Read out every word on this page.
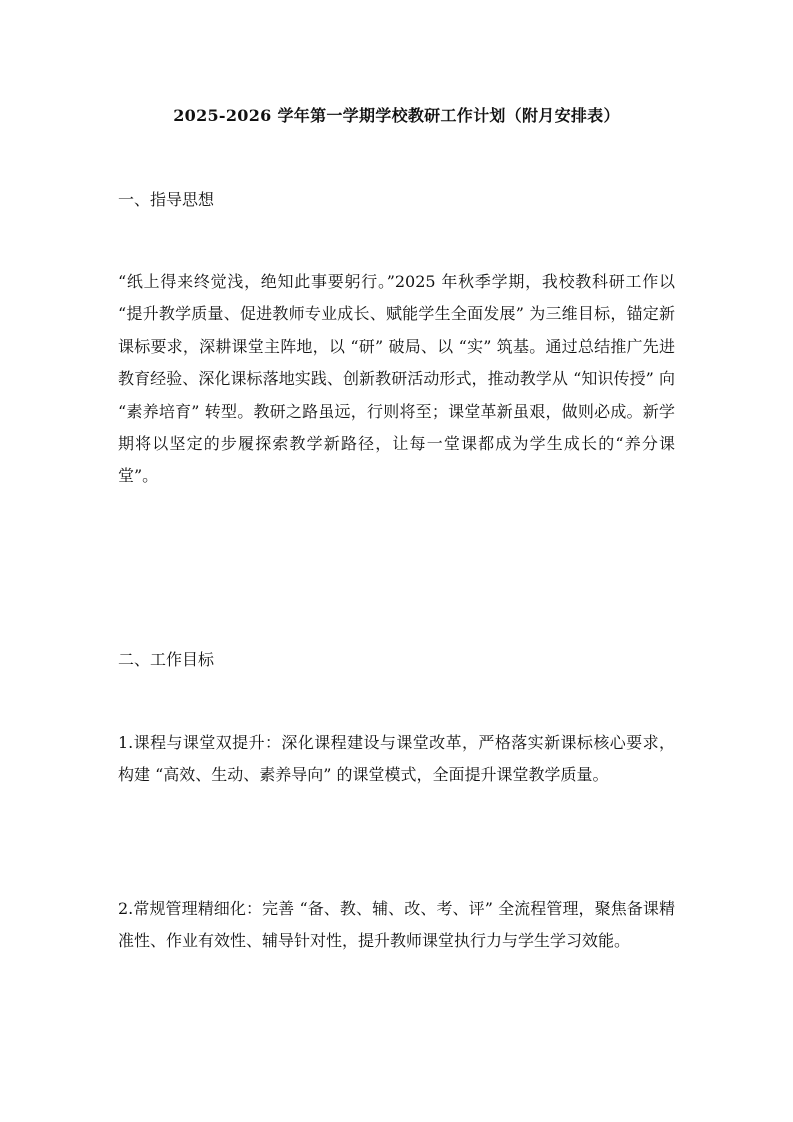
2025-2026 学年第一学期学校教研工作计划（附月安排表）
一、指导思想
“纸上得来终觉浅，绝知此事要躬行。”2025 年秋季学期，我校教科研工作以 “提升教学质量、促进教师专业成长、赋能学生全面发展” 为三维目标，锚定新课标要求，深耕课堂主阵地，以 “研” 破局、以 “实” 筑基。通过总结推广先进教育经验、深化课标落地实践、创新教研活动形式，推动教学从 “知识传授” 向 “素养培育” 转型。教研之路虽远，行则将至；课堂革新虽艰，做则必成。新学期将以坚定的步履探索教学新路径，让每一堂课都成为学生成长的“养分课堂”。
二、工作目标
1.课程与课堂双提升：深化课程建设与课堂改革，严格落实新课标核心要求，构建 “高效、生动、素养导向” 的课堂模式，全面提升课堂教学质量。
2.常规管理精细化：完善 “备、教、辅、改、考、评” 全流程管理，聚焦备课精准性、作业有效性、辅导针对性，提升教师课堂执行力与学生学习效能。
